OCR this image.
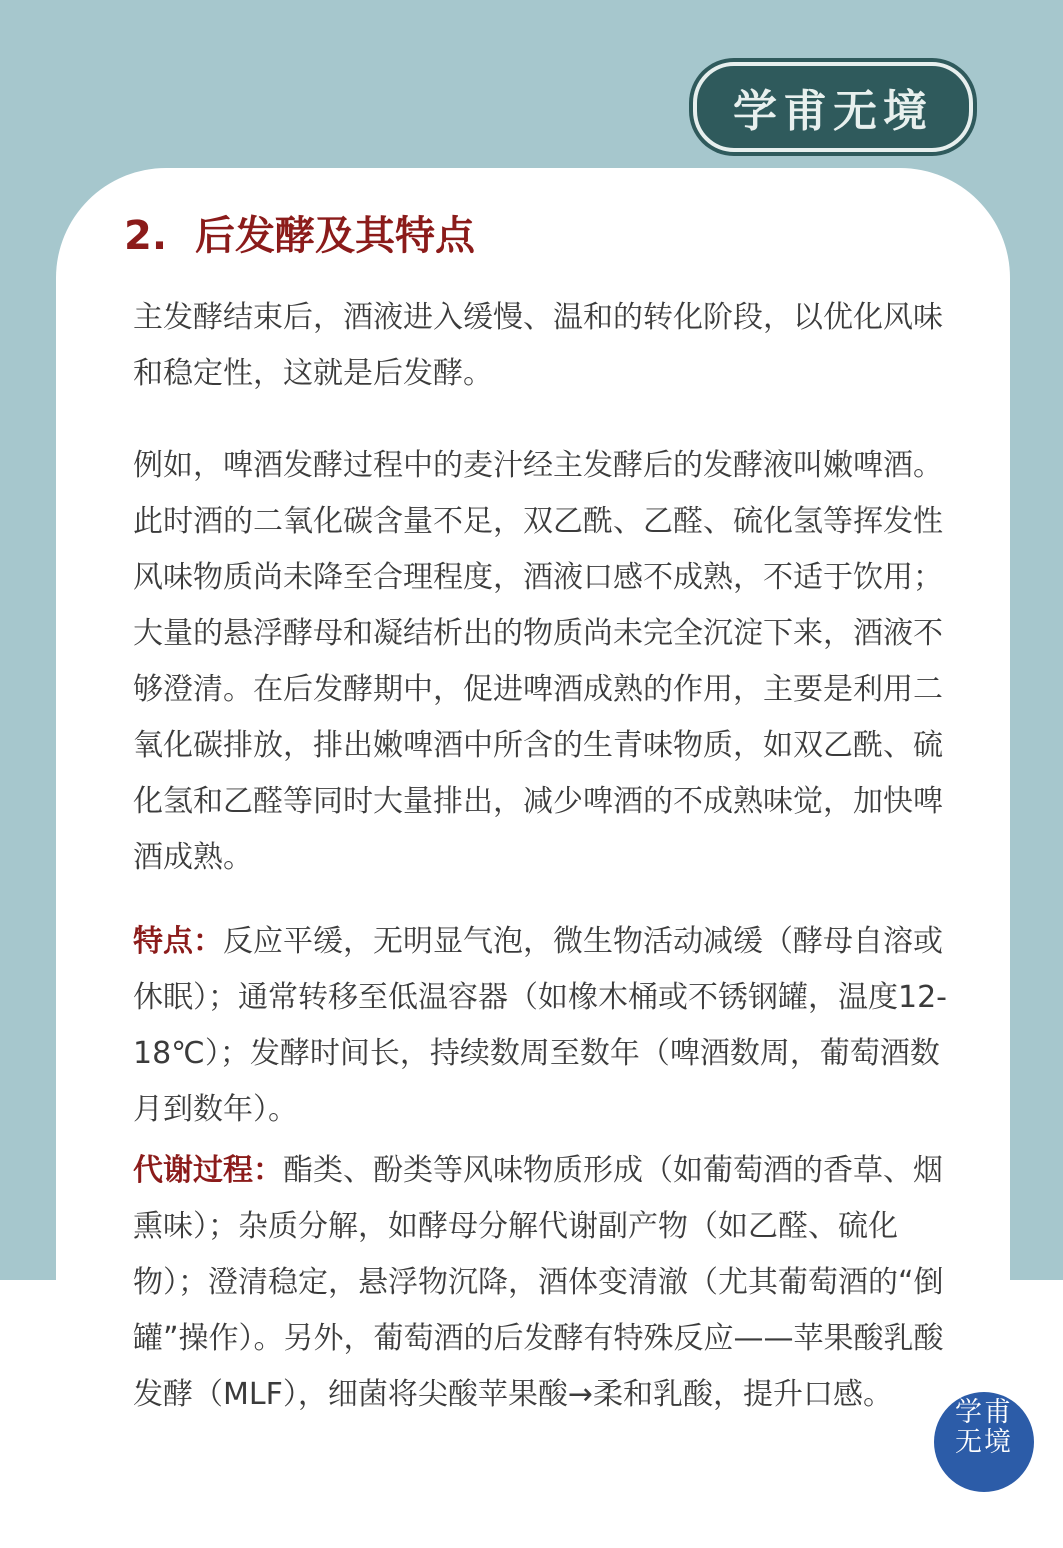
学甫无境
2. 后发酵及其特点

主发酵结束后，酒液进入缓慢、温和的转化阶段，以优化风味和稳定性，这就是后发酵。

例如，啤酒发酵过程中的麦汁经主发酵后的发酵液叫嫩啤酒。此时酒的二氧化碳含量不足，双乙酰、乙醛、硫化氢等挥发性风味物质尚未降至合理程度，酒液口感不成熟，不适于饮用；大量的悬浮酵母和凝结析出的物质尚未完全沉淀下来，酒液不够澄清。在后发酵期中，促进啤酒成熟的作用，主要是利用二氧化碳排放，排出嫩啤酒中所含的生青味物质，如双乙酰、硫化氢和乙醛等同时大量排出，减少啤酒的不成熟味觉，加快啤酒成熟。

特点：反应平缓，无明显气泡，微生物活动减缓（酵母自溶或休眠）；通常转移至低温容器（如橡木桶或不锈钢罐，温度12-18℃）；发酵时间长，持续数周至数年（啤酒数周，葡萄酒数月到数年）。

代谢过程：酯类、酚类等风味物质形成（如葡萄酒的香草、烟熏味）；杂质分解，如酵母分解代谢副产物（如乙醛、硫化物）；澄清稳定，悬浮物沉降，酒体变清澈（尤其葡萄酒的“倒罐”操作）。另外，葡萄酒的后发酵有特殊反应——苹果酸乳酸发酵（MLF），细菌将尖酸苹果酸→柔和乳酸，提升口感。

学甫
无境
